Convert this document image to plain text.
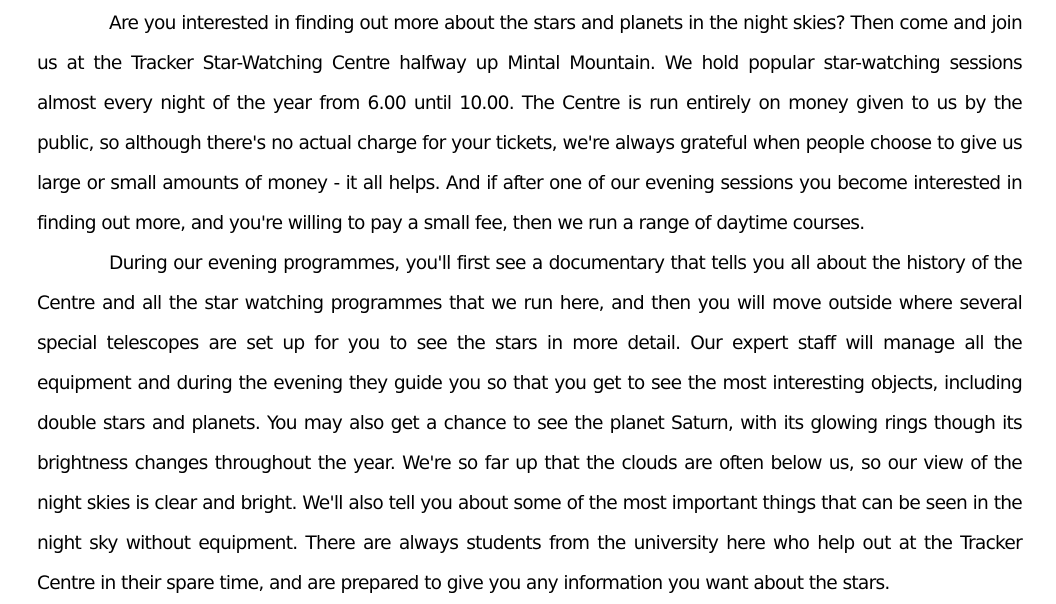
Are you interested in finding out more about the stars and planets in the night skies? Then come and join us at the Tracker Star-Watching Centre halfway up Mintal Mountain. We hold popular star-watching sessions almost every night of the year from 6.00 until 10.00. The Centre is run entirely on money given to us by the public, so although there's no actual charge for your tickets, we're always grateful when people choose to give us large or small amounts of money - it all helps. And if after one of our evening sessions you become interested in finding out more, and you're willing to pay a small fee, then we run a range of daytime courses.

During our evening programmes, you'll first see a documentary that tells you all about the history of the Centre and all the star watching programmes that we run here, and then you will move outside where several special telescopes are set up for you to see the stars in more detail. Our expert staff will manage all the equipment and during the evening they guide you so that you get to see the most interesting objects, including double stars and planets. You may also get a chance to see the planet Saturn, with its glowing rings though its brightness changes throughout the year. We're so far up that the clouds are often below us, so our view of the night skies is clear and bright. We'll also tell you about some of the most important things that can be seen in the night sky without equipment. There are always students from the university here who help out at the Tracker Centre in their spare time, and are prepared to give you any information you want about the stars.
